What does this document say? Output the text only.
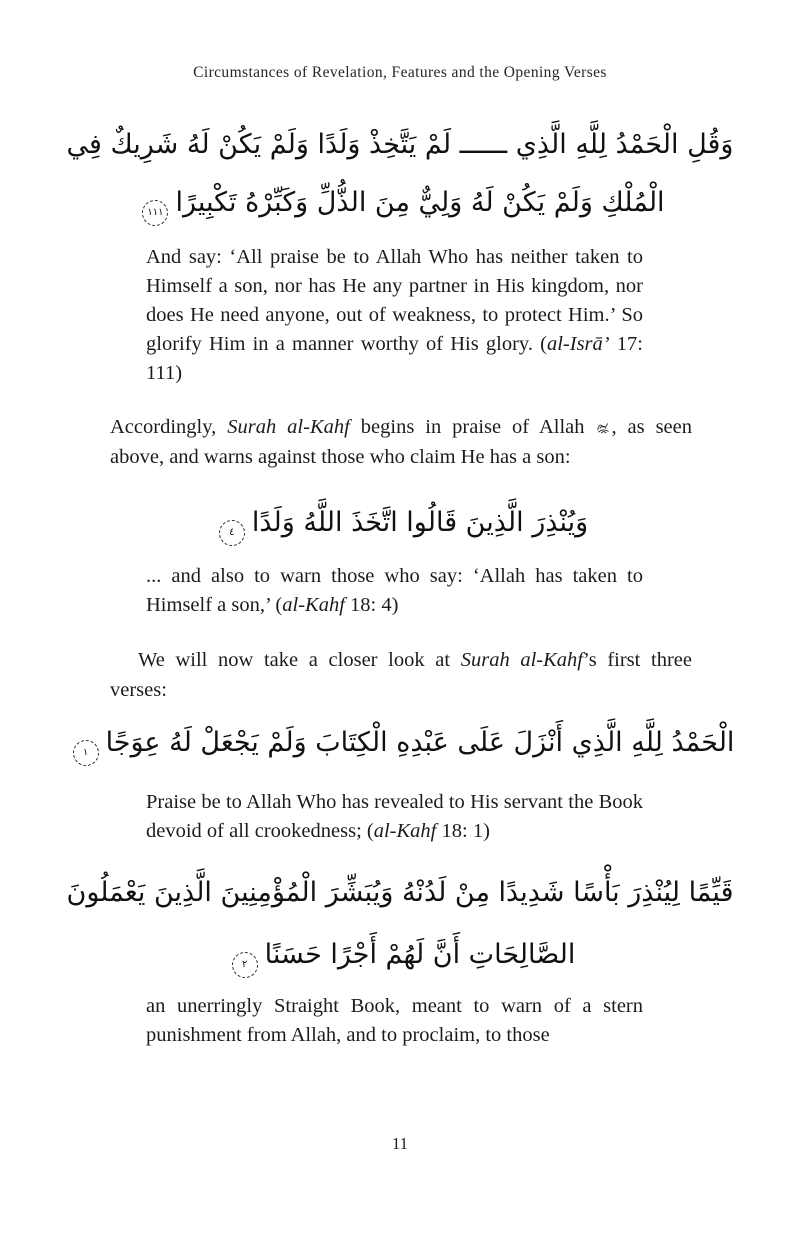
Circumstances of Revelation, Features and the Opening Verses
وَقُلِ الْحَمْدُ لِلَّهِ الَّذِي ــــــ لَمْ يَتَّخِذْ وَلَدًا وَلَمْ يَكُنْ لَهُ شَرِيكٌ فِي
الْمُلْكِ وَلَمْ يَكُنْ لَهُ وَلِيٌّ مِنَ الذُّلِّ وَكَبِّرْهُ تَكْبِيرًا١١١

And say: ‘All praise be to Allah Who has neither taken to Himself a son, nor has He any partner in His kingdom, nor does He need anyone, out of weakness, to protect Him.’ So glorify Him in a manner worthy of His glory. (al-Isrā’ 17: 111)

Accordingly, Surah al-Kahf begins in praise of Allah , as seen above, and warns against those who claim He has a son:

وَيُنْذِرَ الَّذِينَ قَالُوا اتَّخَذَ اللَّهُ وَلَدًا٤

... and also to warn those who say: ‘Allah has taken to Himself a son,’ (al-Kahf 18: 4)

We will now take a closer look at Surah al-Kahf’s first three verses:

الْحَمْدُ لِلَّهِ الَّذِي أَنْزَلَ عَلَى عَبْدِهِ الْكِتَابَ وَلَمْ يَجْعَلْ لَهُ عِوَجًا١

Praise be to Allah Who has revealed to His servant the Book devoid of all crookedness; (al-Kahf 18: 1)

قَيِّمًا لِيُنْذِرَ بَأْسًا شَدِيدًا مِنْ لَدُنْهُ وَيُبَشِّرَ الْمُؤْمِنِينَ الَّذِينَ يَعْمَلُونَ
الصَّالِحَاتِ أَنَّ لَهُمْ أَجْرًا حَسَنًا٢

an unerringly Straight Book, meant to warn of a stern punishment from Allah, and to proclaim, to those

11
